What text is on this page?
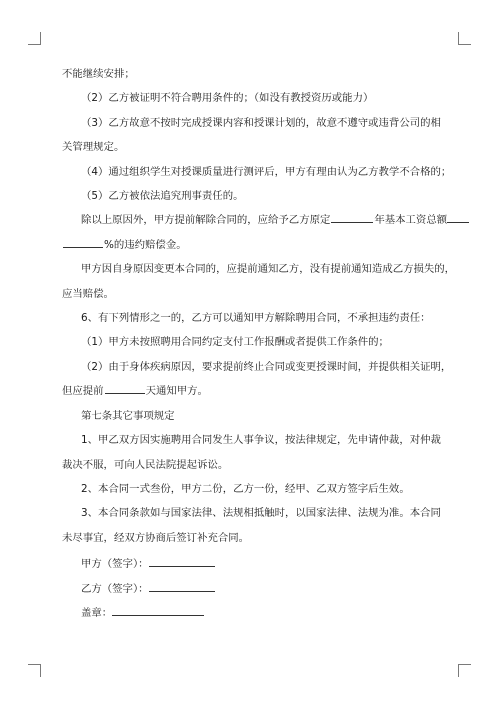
不能继续安排；

（2）乙方被证明不符合聘用条件的；（如没有教授资历或能力）

（3）乙方故意不按时完成授课内容和授课计划的，故意不遵守或违背公司的相

关管理规定。

（4）通过组织学生对授课质量进行测评后，甲方有理由认为乙方教学不合格的；

（5）乙方被依法追究刑事责任的。

除以上原因外，甲方提前解除合同的，应给予乙方原定	年基本工资总额

%的违约赔偿金。

甲方因自身原因变更本合同的，应提前通知乙方，没有提前通知造成乙方损失的，

应当赔偿。

6、有下列情形之一的，乙方可以通知甲方解除聘用合同，不承担违约责任：

（1）甲方未按照聘用合同约定支付工作报酬或者提供工作条件的；

（2）由于身体疾病原因，要求提前终止合同或变更授课时间，并提供相关证明，

但应提前	天通知甲方。

第七条其它事项规定

1、甲乙双方因实施聘用合同发生人事争议，按法律规定，先申请仲裁，对仲裁

裁决不服，可向人民法院提起诉讼。

2、本合同一式叁份，甲方二份，乙方一份，经甲、乙双方签字后生效。

3、本合同条款如与国家法律、法规相抵触时，以国家法律、法规为准。本合同

未尽事宜，经双方协商后签订补充合同。

甲方（签字）：

乙方（签字）：

盖章：
